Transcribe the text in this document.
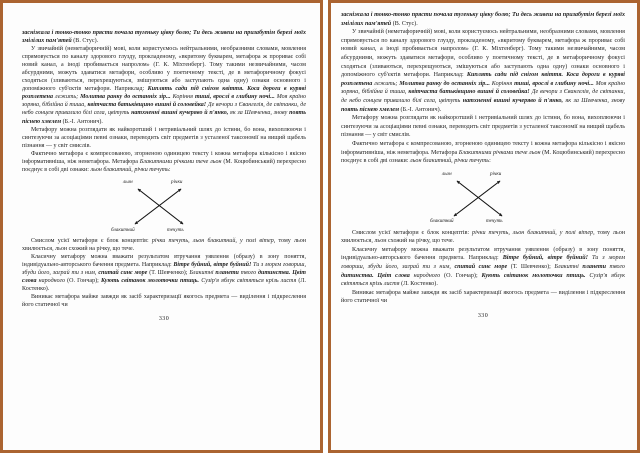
засніжала і тонко-тонко прясти почала тугеньку цівку болю; Ти десь живеш на призабутім березі моїх змілілих пам'ятей (В. Стус).

У звичайній (неметафоричній) мові, коли користуємось нейтральними, необразними словами, мовлення спрямовується по каналу здорового глузду, прокладеному, «вкритому букварем, метафора ж прориває собі новий канал, а іноді пробивається напролом» (Г. К. Міхтенберг). Тому такими незвичайними, часом абсурдними, можуть здаватися метафори, особливо у поетичному тексті, де в метафоричному фокусі сходяться (зливаються, перехрещуються, змішуються або заступають одна одну) ознаки основного і допоміжного суб'єктів метафори. Наприклад: Киплять сади під снігом квіття. Коса дороги в курявi розплетена лежить; Молитва ранку до останніх зір... Коріння тиші, врослі в глибину ночі... Моя країно зоряна, біблійна й тиша, квітчаста батьківщино вишні й соловейка! Де вечори з Євангелія, де світанки, де небо сонцем привалило білі села, цвітуть натхненні вишні кучеряво й п'янко, як за Шевченка, знову поять піснею хмелем (Б.-І. Антонич).

Метафору можна розглядати як найкоротший і нетривіальний шлях до істини, бо вона, вихоплюючи і синтезуючи за асоціаціями певні ознаки, переводить світ предметів з усталеної таксономії на вищий щабель пізнання — у світ смислів.

Фактично метафора є компресованою, згорненою одиницею тексту і кожна метафора кількісно і якісно інформативніша, ніж неметафора. Метафора Блакитними річками тече льон (М. Коцюбинський) перехресно поєднує в собі дві ознаки: льон блакитний, річки течуть:

льон	річки
блакитний	течуть

Смислом усієї метафори є блок концептів: річки течуть, льон блакитний, у полі вітер, тому льон хвилюється, льон схожий на річку, що тече.

Класичну метафору можна вважати результатом втручання уявлення (образу) в зону поняття, індивідуально-авторського бачення предмета. Наприклад: Вітре буйний, вітре буйний! Ти з морем говориш, збуди його, заграй ти з ним, спитай синє море (Т. Шевченко); Блакитні планети твого дитинства. Цвіт слова народного (О. Гончар); Кують світанок молоточки птиць. Сузір'я яблук світяться крізь листя (Л. Костенко).

Виникає метафора майже завжди як засіб характеризації якогось предмета — виділення і підкреслення його статичної чи

330

засніжала і тонко-тонко прясти почала тугеньку цівку болю; Ти десь живеш на призабутім березі моїх змілілих пам'ятей (В. Стус).

У звичайній (неметафоричній) мові, коли користуємось нейтральними, необразними словами, мовлення спрямовується по каналу здорового глузду, прокладеному, «вкритому букварем, метафора ж прориває собі новий канал, а іноді пробивається напролом» (Г. К. Міхтенберг). Тому такими незвичайними, часом абсурдними, можуть здаватися метафори, особливо у поетичному тексті, де в метафоричному фокусі сходяться (зливаються, перехрещуються, змішуються або заступають одна одну) ознаки основного і допоміжного суб'єктів метафори. Наприклад: Киплять сади під снігом квіття. Коса дороги в курявi розплетена лежить; Молитва ранку до останніх зір... Коріння тиші, врослі в глибину ночі... Моя країно зоряна, біблійна й тиша, квітчаста батьківщино вишні й соловейка! Де вечори з Євангелія, де світанки, де небо сонцем привалило білі села, цвітуть натхненні вишні кучеряво й п'янко, як за Шевченка, знову поять піснею хмелем (Б.-І. Антонич).

Метафору можна розглядати як найкоротший і нетривіальний шлях до істини, бо вона, вихоплюючи і синтезуючи за асоціаціями певні ознаки, переводить світ предметів з усталеної таксономії на вищий щабель пізнання — у світ смислів.

Фактично метафора є компресованою, згорненою одиницею тексту і кожна метафора кількісно і якісно інформативніша, ніж неметафора. Метафора Блакитними річками тече льон (М. Коцюбинський) перехресно поєднує в собі дві ознаки: льон блакитний, річки течуть:

льон	річки
блакитний	течуть

Смислом усієї метафори є блок концептів: річки течуть, льон блакитний, у полі вітер, тому льон хвилюється, льон схожий на річку, що тече.

Класичну метафору можна вважати результатом втручання уявлення (образу) в зону поняття, індивідуально-авторського бачення предмета. Наприклад: Вітре буйний, вітре буйний! Ти з морем говориш, збуди його, заграй ти з ним, спитай синє море (Т. Шевченко); Блакитні планети твого дитинства. Цвіт слова народного (О. Гончар); Кують світанок молоточки птиць. Сузір'я яблук світяться крізь листя (Л. Костенко).

Виникає метафора майже завжди як засіб характеризації якогось предмета — виділення і підкреслення його статичної чи

330
